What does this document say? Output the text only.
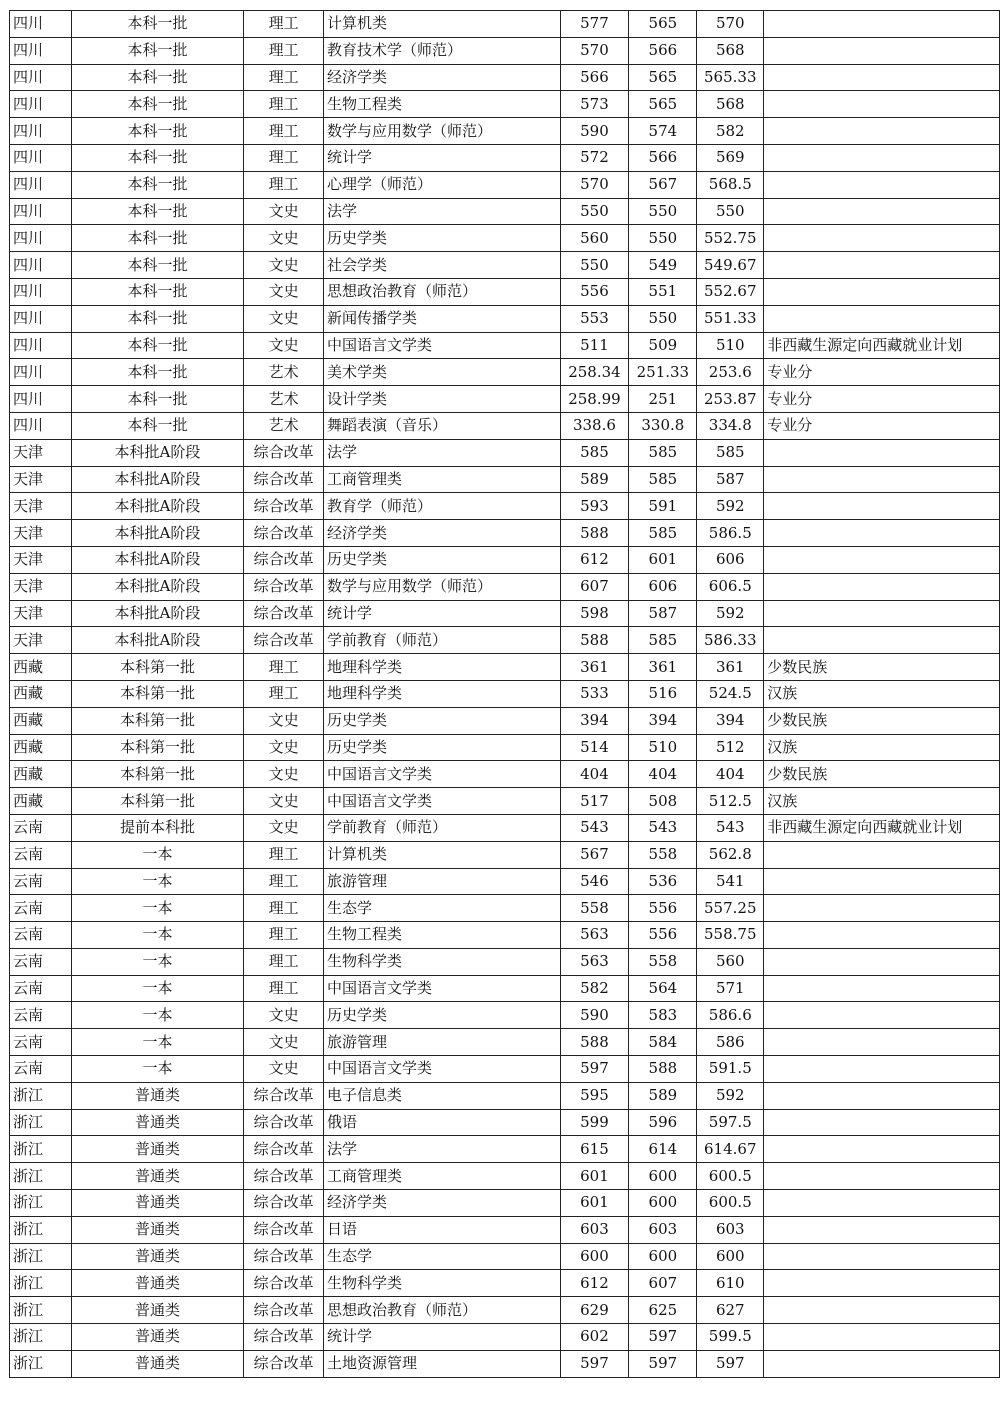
四川	本科一批	理工	计算机类	577	565	570	
四川	本科一批	理工	教育技术学（师范）	570	566	568	
四川	本科一批	理工	经济学类	566	565	565.33	
四川	本科一批	理工	生物工程类	573	565	568	
四川	本科一批	理工	数学与应用数学（师范）	590	574	582	
四川	本科一批	理工	统计学	572	566	569	
四川	本科一批	理工	心理学（师范）	570	567	568.5	
四川	本科一批	文史	法学	550	550	550	
四川	本科一批	文史	历史学类	560	550	552.75	
四川	本科一批	文史	社会学类	550	549	549.67	
四川	本科一批	文史	思想政治教育（师范）	556	551	552.67	
四川	本科一批	文史	新闻传播学类	553	550	551.33	
四川	本科一批	文史	中国语言文学类	511	509	510	非西藏生源定向西藏就业计划
四川	本科一批	艺术	美术学类	258.34	251.33	253.6	专业分
四川	本科一批	艺术	设计学类	258.99	251	253.87	专业分
四川	本科一批	艺术	舞蹈表演（音乐）	338.6	330.8	334.8	专业分
天津	本科批A阶段	综合改革	法学	585	585	585	
天津	本科批A阶段	综合改革	工商管理类	589	585	587	
天津	本科批A阶段	综合改革	教育学（师范）	593	591	592	
天津	本科批A阶段	综合改革	经济学类	588	585	586.5	
天津	本科批A阶段	综合改革	历史学类	612	601	606	
天津	本科批A阶段	综合改革	数学与应用数学（师范）	607	606	606.5	
天津	本科批A阶段	综合改革	统计学	598	587	592	
天津	本科批A阶段	综合改革	学前教育（师范）	588	585	586.33	
西藏	本科第一批	理工	地理科学类	361	361	361	少数民族
西藏	本科第一批	理工	地理科学类	533	516	524.5	汉族
西藏	本科第一批	文史	历史学类	394	394	394	少数民族
西藏	本科第一批	文史	历史学类	514	510	512	汉族
西藏	本科第一批	文史	中国语言文学类	404	404	404	少数民族
西藏	本科第一批	文史	中国语言文学类	517	508	512.5	汉族
云南	提前本科批	文史	学前教育（师范）	543	543	543	非西藏生源定向西藏就业计划
云南	一本	理工	计算机类	567	558	562.8	
云南	一本	理工	旅游管理	546	536	541	
云南	一本	理工	生态学	558	556	557.25	
云南	一本	理工	生物工程类	563	556	558.75	
云南	一本	理工	生物科学类	563	558	560	
云南	一本	理工	中国语言文学类	582	564	571	
云南	一本	文史	历史学类	590	583	586.6	
云南	一本	文史	旅游管理	588	584	586	
云南	一本	文史	中国语言文学类	597	588	591.5	
浙江	普通类	综合改革	电子信息类	595	589	592	
浙江	普通类	综合改革	俄语	599	596	597.5	
浙江	普通类	综合改革	法学	615	614	614.67	
浙江	普通类	综合改革	工商管理类	601	600	600.5	
浙江	普通类	综合改革	经济学类	601	600	600.5	
浙江	普通类	综合改革	日语	603	603	603	
浙江	普通类	综合改革	生态学	600	600	600	
浙江	普通类	综合改革	生物科学类	612	607	610	
浙江	普通类	综合改革	思想政治教育（师范）	629	625	627	
浙江	普通类	综合改革	统计学	602	597	599.5	
浙江	普通类	综合改革	土地资源管理	597	597	597	
